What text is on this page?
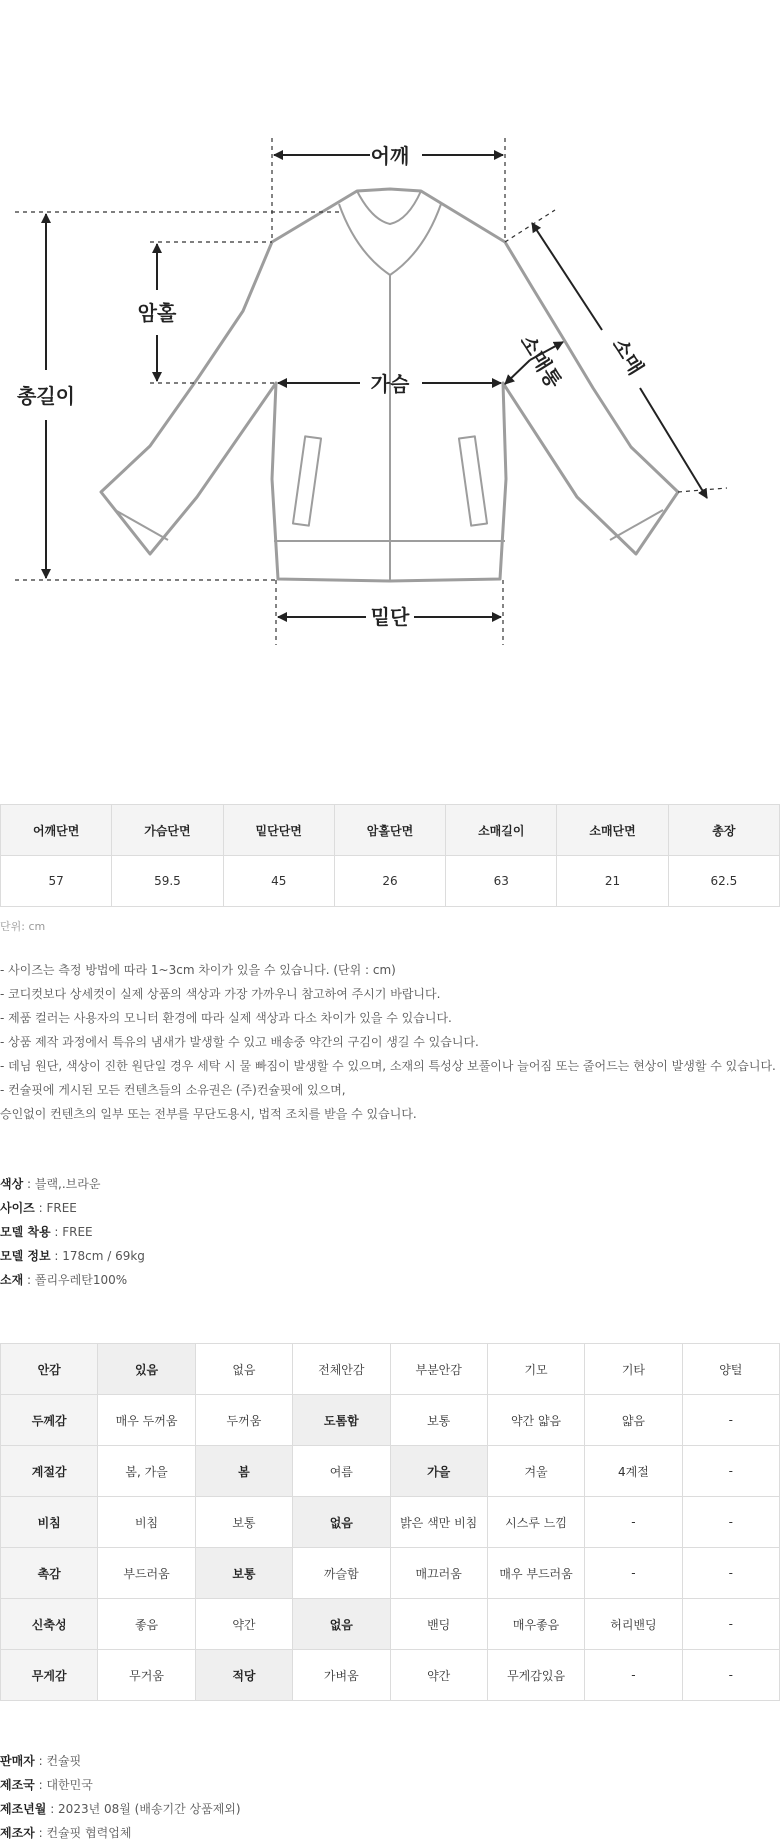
어깨
암홀
총길이	가슴
밑단
소매
소매통
어깨단면	가슴단면	밑단단면	암홀단면	소매길이	소매단면	총장
57	59.5	45	26	63	21	62.5
단위: cm
- 사이즈는 측정 방법에 따라 1~3cm 차이가 있을 수 있습니다. (단위 : cm)
- 코디컷보다 상세컷이 실제 상품의 색상과 가장 가까우니 참고하여 주시기 바랍니다.
- 제품 컬러는 사용자의 모니터 환경에 따라 실제 색상과 다소 차이가 있을 수 있습니다.
- 상품 제작 과정에서 특유의 냄새가 발생할 수 있고 배송중 약간의 구김이 생길 수 있습니다.
- 데님 원단, 색상이 진한 원단일 경우 세탁 시 물 빠짐이 발생할 수 있으며, 소재의 특성상 보풀이나 늘어짐 또는 줄어드는 현상이 발생할 수 있습니다.
- 컨슐핏에 게시된 모든 컨텐츠들의 소유권은 (주)컨슐핏에 있으며,
승인없이 컨텐츠의 일부 또는 전부를 무단도용시, 법적 조치를 받을 수 있습니다.
색상 : 블랙,.브라운
사이즈 : FREE
모델 착용 : FREE
모델 정보 : 178cm / 69kg
소재 : 폴리우레탄100%
안감	있음	없음	전체안감	부분안감	기모	기타	양털
두께감	매우 두꺼움	두꺼움	도톰함	보통	약간 얇음	얇음	-
계절감	봄, 가을	봄	여름	가을	겨울	4계절	-
비침	비침	보통	없음	밝은 색만 비침	시스루 느낌	-	-
촉감	부드러움	보통	까슬함	매끄러움	매우 부드러움	-	-
신축성	좋음	약간	없음	밴딩	매우좋음	허리밴딩	-
무게감	무거움	적당	가벼움	약간	무게감있음	-	-
판매자 : 컨슐핏
제조국 : 대한민국
제조년월 : 2023년 08월 (배송기간 상품제외)
제조자 : 컨슐핏 협력업체
